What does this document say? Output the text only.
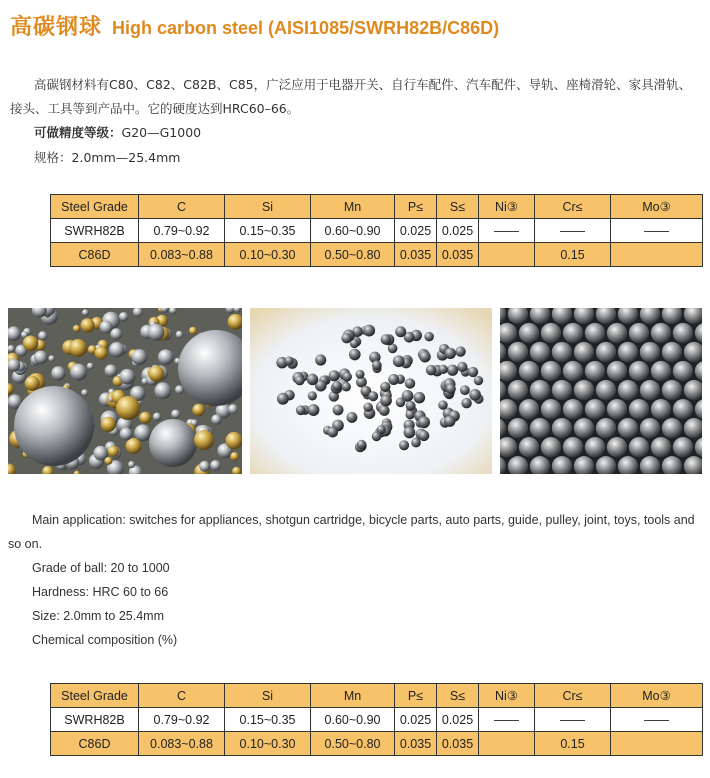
高碳钢球 High carbon steel (AISI1085/SWRH82B/C86D)

高碳钢材料有C80、C82、C82B、C85，广泛应用于电器开关、自行车配件、汽车配件、导轨、座椅滑轮、家具滑轨、接头、工具等到产品中。它的硬度达到HRC60–66。

可做精度等级：G20—G1000
规格：2.0mm—25.4mm
Steel Grade	C	Si	Mn	P≤	S≤	Ni③	Cr≤	Mo③
SWRH82B	0.79~0.92	0.15~0.35	0.60~0.90	0.025	0.025	——	——	——
C86D	0.083~0.88	0.10~0.30	0.50~0.80	0.035	0.035		0.15	

Main application: switches for appliances, shotgun cartridge, bicycle parts, auto parts, guide, pulley, joint, toys, tools and so on.

Grade of ball: 20 to 1000
Hardness: HRC 60 to 66
Size: 2.0mm to 25.4mm
Chemical composition (%)
Steel Grade	C	Si	Mn	P≤	S≤	Ni③	Cr≤	Mo③
SWRH82B	0.79~0.92	0.15~0.35	0.60~0.90	0.025	0.025	——	——	——
C86D	0.083~0.88	0.10~0.30	0.50~0.80	0.035	0.035		0.15	
